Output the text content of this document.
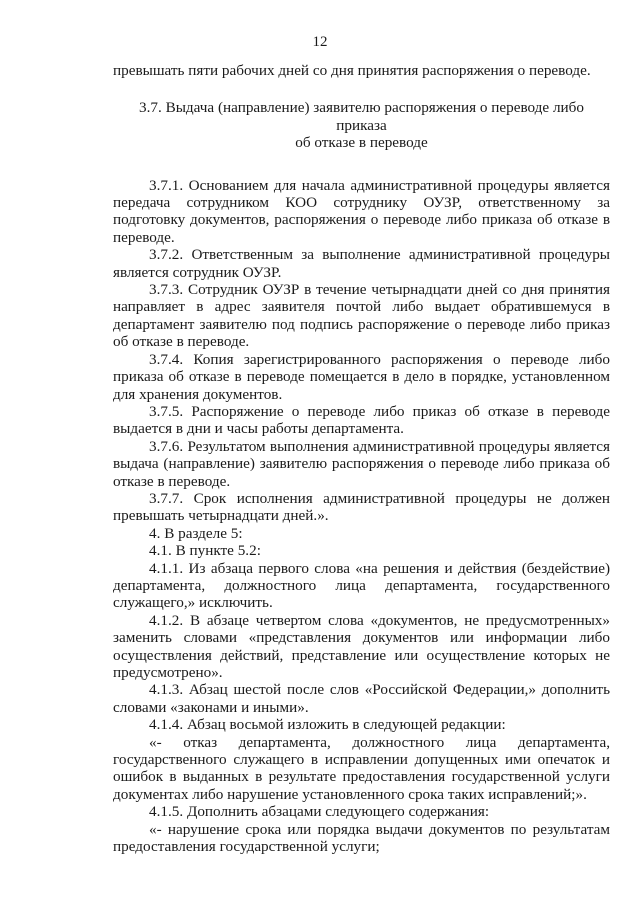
12

превышать пяти рабочих дней со дня принятия распоряжения о переводе.

3.7. Выдача (направление) заявителю распоряжения о переводе либо приказа
об отказе в переводе

3.7.1. Основанием для начала административной процедуры является передача сотрудником КОО сотруднику ОУЗР, ответственному за подготовку документов, распоряжения о переводе либо приказа об отказе в переводе.

3.7.2. Ответственным за выполнение административной процедуры является сотрудник ОУЗР.

3.7.3. Сотрудник ОУЗР в течение четырнадцати дней со дня принятия направляет в адрес заявителя почтой либо выдает обратившемуся в департамент заявителю под подпись распоряжение о переводе либо приказ об отказе в переводе.

3.7.4. Копия зарегистрированного распоряжения о переводе либо приказа об отказе в переводе помещается в дело в порядке, установленном для хранения документов.

3.7.5. Распоряжение о переводе либо приказ об отказе в переводе выдается в дни и часы работы департамента.

3.7.6. Результатом выполнения административной процедуры является выдача (направление) заявителю распоряжения о переводе либо приказа об отказе в переводе.

3.7.7. Срок исполнения административной процедуры не должен превышать четырнадцати дней.».

4. В разделе 5:

4.1. В пункте 5.2:

4.1.1. Из абзаца первого слова «на решения и действия (бездействие) департамента, должностного лица департамента, государственного служащего,» исключить.

4.1.2. В абзаце четвертом слова «документов, не предусмотренных» заменить словами «представления документов или информации либо осуществления действий, представление или осуществление которых не предусмотрено».

4.1.3. Абзац шестой после слов «Российской Федерации,» дополнить словами «законами и иными».

4.1.4. Абзац восьмой изложить в следующей редакции:

«- отказ департамента, должностного лица департамента, государственного служащего в исправлении допущенных ими опечаток и ошибок в выданных в результате предоставления государственной услуги документах либо нарушение установленного срока таких исправлений;».

4.1.5. Дополнить абзацами следующего содержания:

«- нарушение срока или порядка выдачи документов по результатам предоставления государственной услуги;
